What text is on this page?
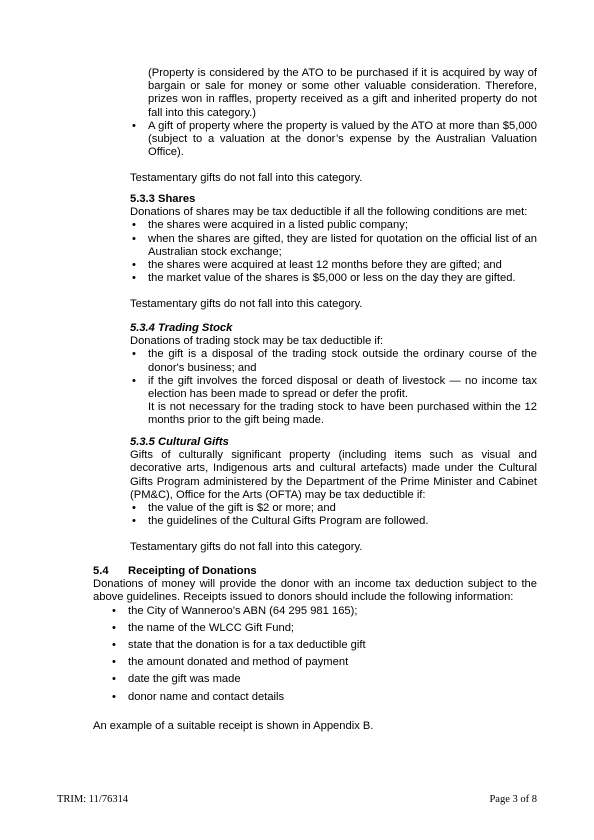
(Property is considered by the ATO to be purchased if it is acquired by way of bargain or sale for money or some other valuable consideration. Therefore, prizes won in raffles, property received as a gift and inherited property do not fall into this category.)

• A gift of property where the property is valued by the ATO at more than $5,000 (subject to a valuation at the donor’s expense by the Australian Valuation Office).

Testamentary gifts do not fall into this category.

5.3.3 Shares

Donations of shares may be tax deductible if all the following conditions are met:

• the shares were acquired in a listed public company;
• when the shares are gifted, they are listed for quotation on the official list of an Australian stock exchange;
• the shares were acquired at least 12 months before they are gifted; and
• the market value of the shares is $5,000 or less on the day they are gifted.

Testamentary gifts do not fall into this category.

5.3.4 Trading Stock

Donations of trading stock may be tax deductible if:

• the gift is a disposal of the trading stock outside the ordinary course of the donor's business; and
• if the gift involves the forced disposal or death of livestock — no income tax election has been made to spread or defer the profit.

It is not necessary for the trading stock to have been purchased within the 12 months prior to the gift being made.

5.3.5 Cultural Gifts

Gifts of culturally significant property (including items such as visual and decorative arts, Indigenous arts and cultural artefacts) made under the Cultural Gifts Program administered by the Department of the Prime Minister and Cabinet (PM&C), Office for the Arts (OFTA) may be tax deductible if:

• the value of the gift is $2 or more; and
• the guidelines of the Cultural Gifts Program are followed.

Testamentary gifts do not fall into this category.

5.4	Receipting of Donations

Donations of money will provide the donor with an income tax deduction subject to the above guidelines. Receipts issued to donors should include the following information:

• the City of Wanneroo’s ABN (64 295 981 165);
• the name of the WLCC Gift Fund;
• state that the donation is for a tax deductible gift
• the amount donated and method of payment
• date the gift was made
• donor name and contact details

An example of a suitable receipt is shown in Appendix B.

TRIM: 11/76314	Page 3 of 8
